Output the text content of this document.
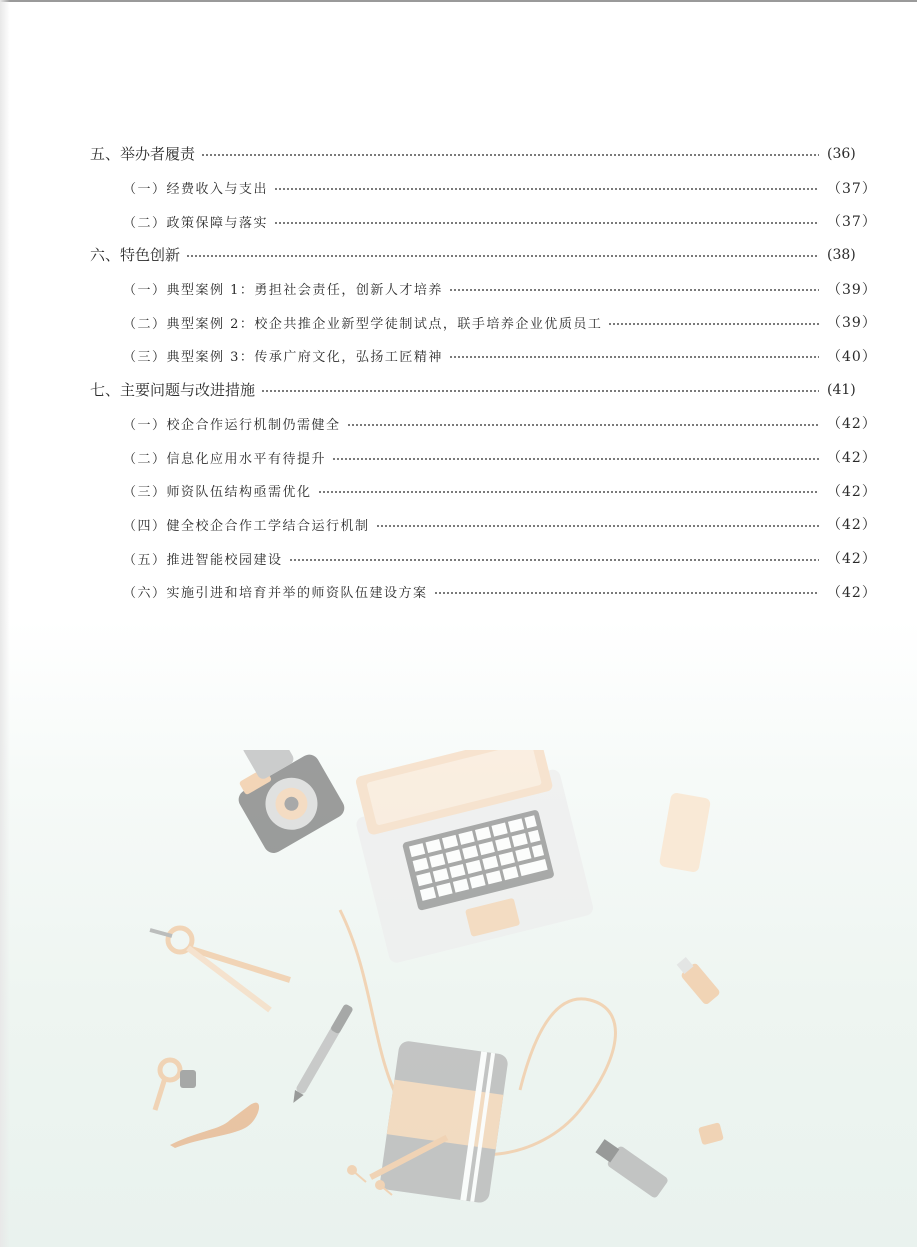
五、举办者履责	(36)
（一）经费收入与支出	（37）
（二）政策保障与落实	（37）
六、特色创新	(38)
（一）典型案例 1：勇担社会责任，创新人才培养	（39）
（二）典型案例 2：校企共推企业新型学徒制试点，联手培养企业优质员工	（39）
（三）典型案例 3：传承广府文化，弘扬工匠精神	（40）
七、主要问题与改进措施	(41)
（一）校企合作运行机制仍需健全	（42）
（二）信息化应用水平有待提升	（42）
（三）师资队伍结构亟需优化	（42）
（四）健全校企合作工学结合运行机制	（42）
（五）推进智能校园建设	（42）
（六）实施引进和培育并举的师资队伍建设方案	（42）
